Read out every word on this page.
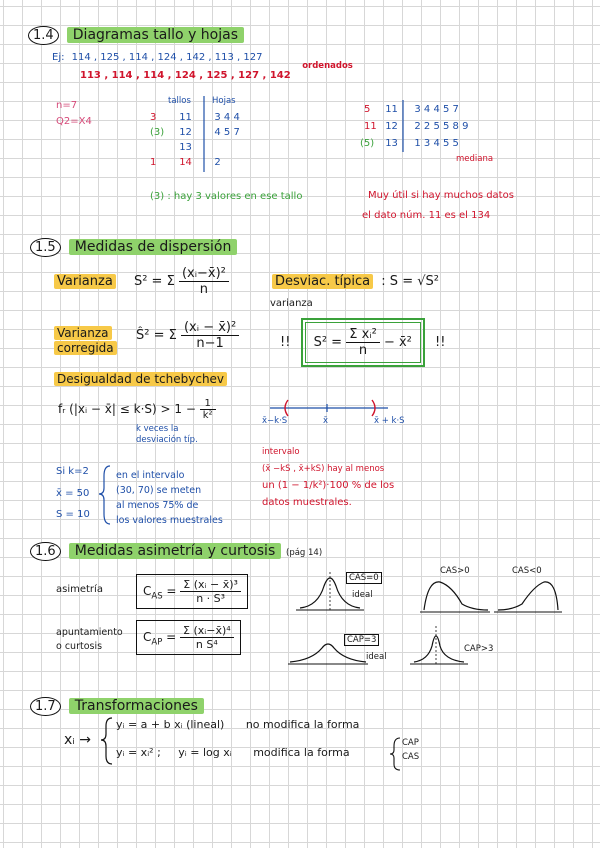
1.4 Diagramas tallo y hojas
Ej: 114 , 125 , 114 , 124 , 142 , 113 , 127
113 , 114 , 114 , 124 , 125 , 127 , 142 $^{ordenados}$
n=7
Q2=X4
tallos Hojas
3 11 3 4 4
(3) 12 4 5 7
13
1 14 2
(3) : hay 3 valores en ese tallo
5 11 3 4 4 5 7
11 12 2 2 5 5 8 9
(5) 13 1 3 4 5 5
mediana
Muy útil si hay muchos datos
el dato núm. 11 es el 134
1.5 Medidas de dispersión
Varianza S² = Σ $\frac{\text{(xᵢ−x̄)²}}{n}$	Desviac. típica : S = √S²
varianza
Varianza
corregida
Ŝ² = Σ $\frac{\text{(xᵢ − x̄)²}}{n-1}$	!! $S^2 = \frac{\text{Σ xᵢ²}}{n}$ − x̄² !!
Desigualdad de tchebychev
fᵣ (|xᵢ − x̄| ≤ $k\cdot S) > 1 - \frac{1}{\text{k²}}$
k veces la
desviación típ.
x̄−k·S	x̄	x̄ + k·S
intervalo
(x̄ −kS , x̄+kS) hay al menos
un (1 − 1/k²)·100 % de los
datos muestrales.
Si k=2
x̄ = 50
S = 10
en el intervalo
(30, 70) se meten
al menos 75% de
los valores muestrales
1.6 Medidas asimetría y curtosis	(pág 14)
asimetría	$C_{AS} = \frac{\text{Σ (xᵢ − x̄)³}}{\text{n · S³}}$
apuntamiento
o curtosis
$C_{AP} = \frac{\text{Σ (xᵢ−x̄)⁴}}{\text{n S⁴}}$
CAS=0
ideal
CAS>0	CAS<0
CAP=3
ideal
CAP>3
1.7 Transformaciones
xᵢ →
yᵢ = a + b xᵢ (lineal) no modifica la forma
yᵢ = xᵢ² ; yᵢ = log xᵢ modifica la forma
CAP
CAS
